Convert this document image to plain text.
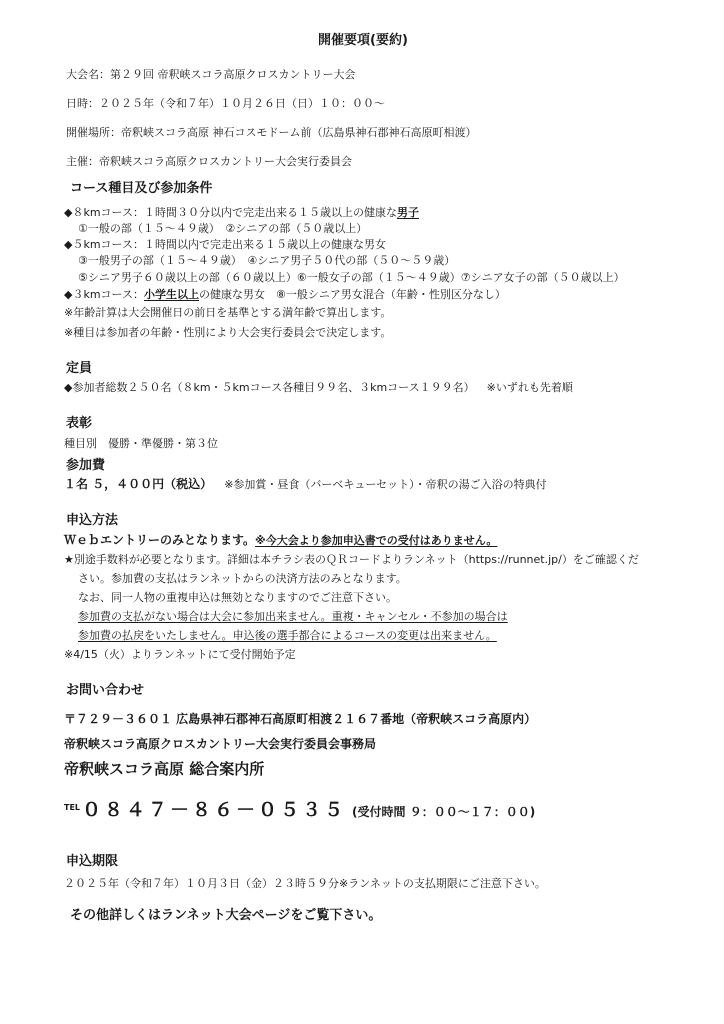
開催要項(要約)
大会名：第２９回 帝釈峡スコラ高原クロスカントリー大会
日時：２０２５年（令和７年）１０月２６日（日）１０：００～
開催場所：帝釈峡スコラ高原 神石コスモドーム前（広島県神石郡神石高原町相渡）
主催：帝釈峡スコラ高原クロスカントリー大会実行委員会
コース種目及び参加条件
◆８kmコース：１時間３０分以内で完走出来る１５歳以上の健康な男子
①一般の部（１５～４９歳）　②シニアの部（５０歳以上）
◆５kmコース：１時間以内で完走出来る１５歳以上の健康な男女
③一般男子の部（１５～４９歳）　④シニア男子５０代の部（５０～５９歳）
⑤シニア男子６０歳以上の部（６０歳以上）⑥一般女子の部（１５～４９歳）⑦シニア女子の部（５０歳以上）
◆３kmコース：小学生以上の健康な男女　⑧一般シニア男女混合（年齢・性別区分なし）
※年齢計算は大会開催日の前日を基準とする満年齢で算出します。
※種目は参加者の年齢・性別により大会実行委員会で決定します。
定員
◆参加者総数２５０名（８km・５kmコース各種目９９名、３kmコース１９９名） ※いずれも先着順
表彰
種目別　優勝・準優勝・第３位
参加費
１名 ５，４００円（税込） ※参加賞・昼食（バーベキューセット）・帝釈の湯ご入浴の特典付
申込方法
Ｗｅｂエントリーのみとなります。※今大会より参加申込書での受付はありません。
★別途手数料が必要となります。詳細は本チラシ表のＱＲコードよりランネット（https://runnet.jp/）をご確認くだ
さい。参加費の支払はランネットからの決済方法のみとなります。
なお、同一人物の重複申込は無効となりますのでご注意下さい。
参加費の支払がない場合は大会に参加出来ません。重複・キャンセル・不参加の場合は
参加費の払戻をいたしません。申込後の選手都合によるコースの変更は出来ません。
※4/15（火）よりランネットにて受付開始予定
お問い合わせ
〒７２９－３６０１ 広島県神石郡神石高原町相渡２１６７番地（帝釈峡スコラ高原内）
帝釈峡スコラ高原クロスカントリー大会実行委員会事務局
帝釈峡スコラ高原 総合案内所
$^{TEL}$ ０８４７－８６－０５３５ (受付時間 ９：００～１７：００)
申込期限
２０２５年（令和７年）１０月３日（金）２３時５９分※ランネットの支払期限にご注意下さい。
その他詳しくはランネット大会ページをご覧下さい。
